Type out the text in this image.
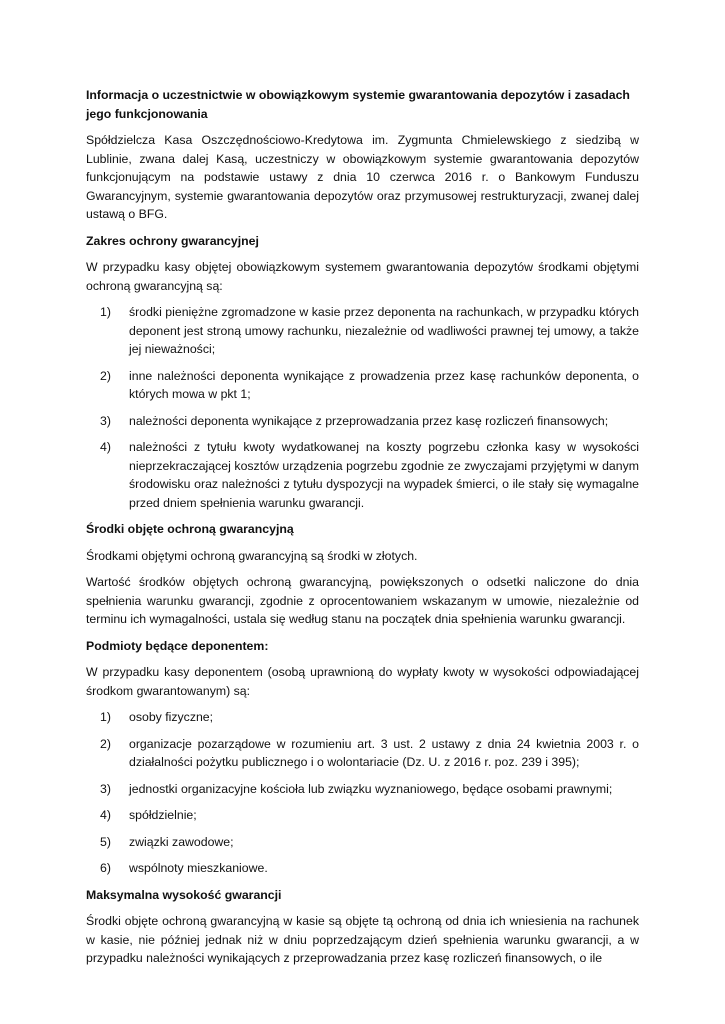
Informacja o uczestnictwie w obowiązkowym systemie gwarantowania depozytów i zasadach jego funkcjonowania

Spółdzielcza Kasa Oszczędnościowo-Kredytowa im. Zygmunta Chmielewskiego z siedzibą w Lublinie, zwana dalej Kasą, uczestniczy w obowiązkowym systemie gwarantowania depozytów funkcjonującym na podstawie ustawy z dnia 10 czerwca 2016 r. o Bankowym Funduszu Gwarancyjnym, systemie gwarantowania depozytów oraz przymusowej restrukturyzacji, zwanej dalej ustawą o BFG.

Zakres ochrony gwarancyjnej

W przypadku kasy objętej obowiązkowym systemem gwarantowania depozytów środkami objętymi ochroną gwarancyjną są:

1) środki pieniężne zgromadzone w kasie przez deponenta na rachunkach, w przypadku których deponent jest stroną umowy rachunku, niezależnie od wadliwości prawnej tej umowy, a także jej nieważności;
2) inne należności deponenta wynikające z prowadzenia przez kasę rachunków deponenta, o których mowa w pkt 1;
3) należności deponenta wynikające z przeprowadzania przez kasę rozliczeń finansowych;
4) należności z tytułu kwoty wydatkowanej na koszty pogrzebu członka kasy w wysokości nieprzekraczającej kosztów urządzenia pogrzebu zgodnie ze zwyczajami przyjętymi w danym środowisku oraz należności z tytułu dyspozycji na wypadek śmierci, o ile stały się wymagalne przed dniem spełnienia warunku gwarancji.

Środki objęte ochroną gwarancyjną

Środkami objętymi ochroną gwarancyjną są środki w złotych.

Wartość środków objętych ochroną gwarancyjną, powiększonych o odsetki naliczone do dnia spełnienia warunku gwarancji, zgodnie z oprocentowaniem wskazanym w umowie, niezależnie od terminu ich wymagalności, ustala się według stanu na początek dnia spełnienia warunku gwarancji.

Podmioty będące deponentem:

W przypadku kasy deponentem (osobą uprawnioną do wypłaty kwoty w wysokości odpowiadającej środkom gwarantowanym) są:

1) osoby fizyczne;
2) organizacje pozarządowe w rozumieniu art. 3 ust. 2 ustawy z dnia 24 kwietnia 2003 r. o działalności pożytku publicznego i o wolontariacie (Dz. U. z 2016 r. poz. 239 i 395);
3) jednostki organizacyjne kościoła lub związku wyznaniowego, będące osobami prawnymi;
4) spółdzielnie;
5) związki zawodowe;
6) wspólnoty mieszkaniowe.

Maksymalna wysokość gwarancji

Środki objęte ochroną gwarancyjną w kasie są objęte tą ochroną od dnia ich wniesienia na rachunek w kasie, nie później jednak niż w dniu poprzedzającym dzień spełnienia warunku gwarancji, a w przypadku należności wynikających z przeprowadzania przez kasę rozliczeń finansowych, o ile
